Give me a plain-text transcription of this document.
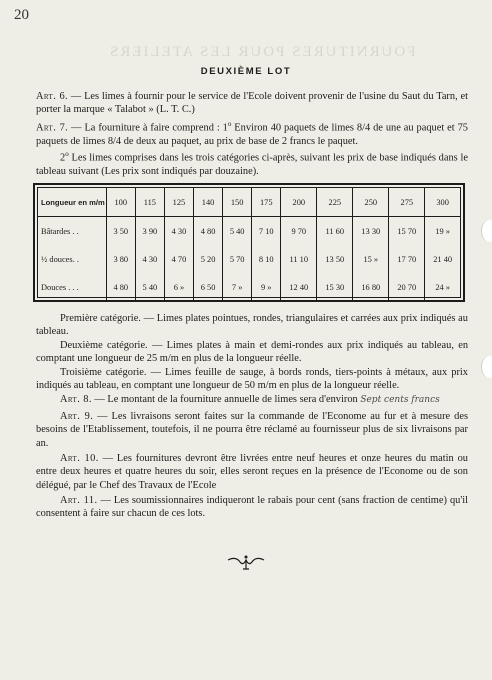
20
FOURNITURES POUR LES ATELIERS
DEUXIÈME LOT

Art. 6. — Les limes à fournir pour le service de l'Ecole doivent provenir de l'usine du Saut du Tarn, et porter la marque « Talabot » (L. T. C.)

Art. 7. — La fourniture à faire comprend : 1$^o$ Environ 40 paquets de limes 8/4 de une au paquet et 75 paquets de limes 8/4 de deux au paquet, au prix de base de 2 francs le paquet.

2$^o$ Les limes comprises dans les trois catégories ci-après, suivant les prix de base indiqués dans le tableau suivant (Les prix sont indiqués par douzaine).

Longueur en m/m	100	115	125	140	150	175	200	225	250	275	300
Bâtardes . .	3 50	3 90	4 30	4 80	5 40	7 10	9 70	11 60	13 30	15 70	19 »
½ douces. .	3 80	4 30	4 70	5 20	5 70	8 10	11 10	13 50	15 »	17 70	21 40
Douces . . .	4 80	5 40	6 »	6 50	7 »	9 »	12 40	15 30	16 80	20 70	24 »

Première catégorie. — Limes plates pointues, rondes, triangulaires et carrées aux prix indiqués au tableau.

Deuxième catégorie. — Limes plates à main et demi-rondes aux prix indiqués au tableau, en comptant une longueur de 25 m/m en plus de la longueur réelle.

Troisième catégorie. — Limes feuille de sauge, à bords ronds, tiers-points à métaux, aux prix indiqués au tableau, en comptant une longueur de 50 m/m en plus de la longueur réelle.

Art. 8. — Le montant de la fourniture annuelle de limes sera d'environ Sept cents francs

Art. 9. — Les livraisons seront faites sur la commande de l'Econome au fur et à mesure des besoins de l'Etablissement, toutefois, il ne pourra être réclamé au fournisseur plus de six livraisons par an.

Art. 10. — Les fournitures devront être livrées entre neuf heures et onze heures du matin ou entre deux heures et quatre heures du soir, elles seront reçues en la présence de l'Econome ou de son délégué, par le Chef des Travaux de l'Ecole

Art. 11. — Les soumissionnaires indiqueront le rabais pour cent (sans fraction de centime) qu'il consentent à faire sur chacun de ces lots.
